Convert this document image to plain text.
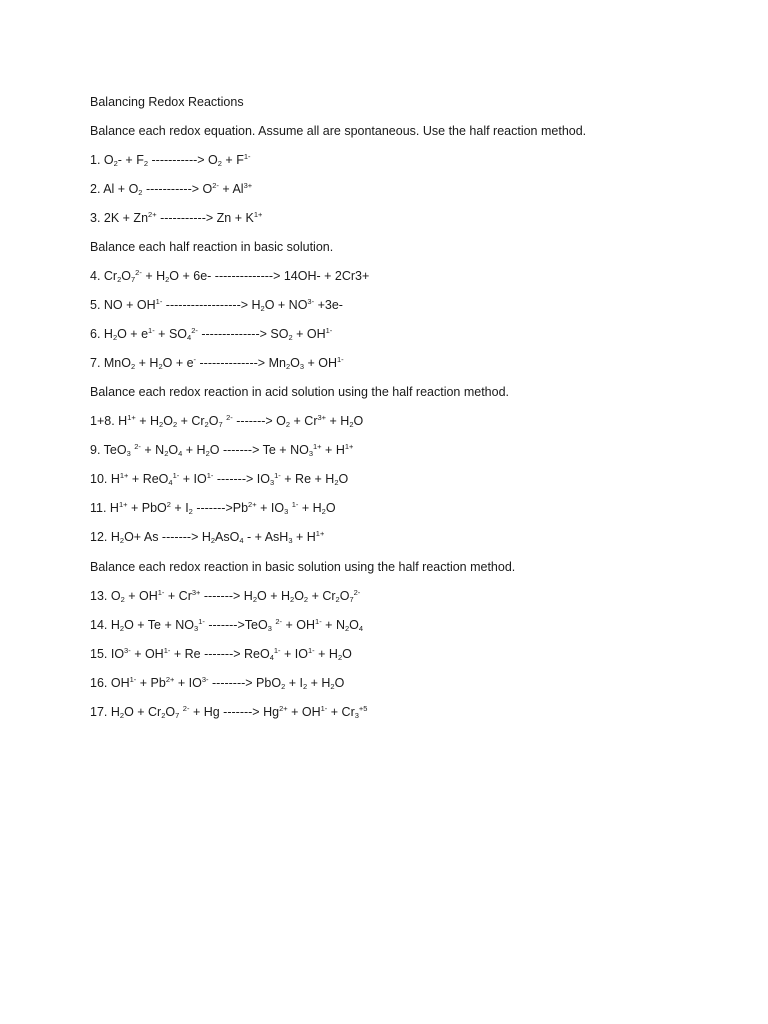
Balancing Redox Reactions
Balance each redox equation. Assume all are spontaneous. Use the half reaction method.
1. $O_2- + F_2$ -----------> $O_2 + F^{1-}$
2. $Al + O_2$ -----------> $O^{2-} + Al^{3+}$
3. $2K + Zn^{2+}$ -----------> $Zn + K^{1+}$
Balance each half reaction in basic solution.
4. $Cr_2O_7^{2-} + H_2O + 6e-$ --------------> 14OH- + 2Cr3+
5. NO + $OH^{1-}$ ------------------> $H_2O + NO^{3-} +3e-$
6. $H_2O + e^{1-} + SO_4^{2-}$ --------------> $SO_2 + OH^{1-}$
7. $MnO_2 + H_2O + e^-$ --------------> $Mn_2O_3 + OH^{1-}$
Balance each redox reaction in acid solution using the half reaction method.
1+8. $H^{1+} + H_2O_2 + Cr_2O_7$ $^{2-}$ -------> $O_2 + Cr^{3+} + H_2O$
9. TeO$_3$ $^{2-} + N_2O_4 + H_2O$ -------> $Te + NO_3^{1+} + H^{1+}$
10. $H^{1+} + ReO_4^{1-} + IO^{1-}$ -------> $IO_3^{1-} + Re + H_2O$
11. $H^{1+} + PbO^2 + I_2$ $------->Pb^{2+} + IO_3$ $^{1-} + H_2O$
12. $H_2O+ As$ -------> $H_2AsO_4$ - + $AsH_3 + H^{1+}$
Balance each redox reaction in basic solution using the half reaction method.
13. $O_2 + OH^{1-} + Cr^{3+}$ -------> $H_2O + H_2O_2 + Cr_2O_7^{2-}$
14. $H_2O + Te + NO_3^{1-}$ ------->TeO$_3$ $^{2-} + OH^{1-} + N_2O_4$
15. $IO^{3-} + OH^{1-} + Re$ -------> $ReO_4^{1-} + IO^{1-} + H_2O$
16. $OH^{1-} + Pb^{2+} + IO^{3-}$ --------> $PbO_2 + I_2 + H_2O$
17. $H_2O + Cr_2O_7$ $^{2-}$ + Hg -------> $Hg^{2+} + OH^{1-} + Cr_3^{+5}$
